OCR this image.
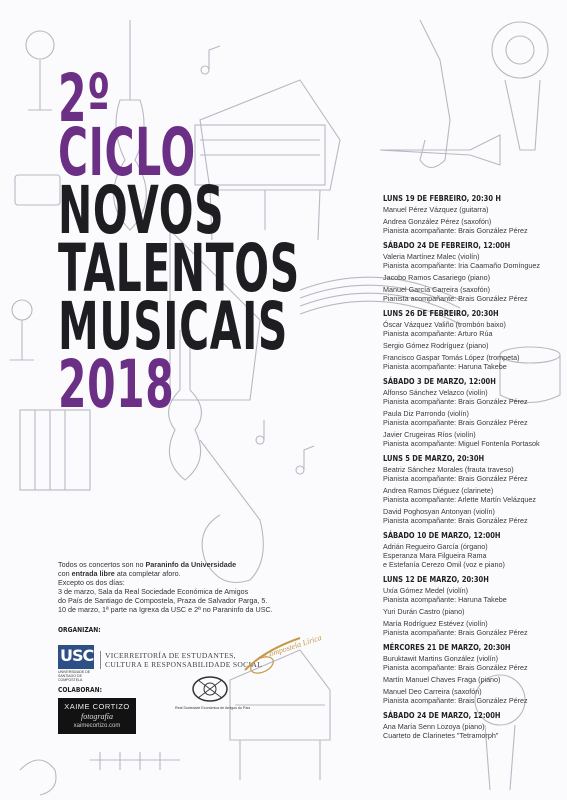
2º
CICLO
NOVOS
TALENTOS
MUSICAIS
2018
LUNS 19 DE FEBREIRO, 20:30 H
Manuel Pérez Vázquez (guitarra)
Andrea González Pérez (saxofón)
Pianista acompañante: Brais González Pérez
SÁBADO 24 DE FEBREIRO, 12:00H
Valeria Martínez Malec (violín)
Pianista acompañante: Iria Caamaño Domínguez
Jacobo Ramos Casariego (piano)
Manuel García Carreira (saxofón)
Pianista acompañante: Brais González Pérez
LUNS 26 DE FEBREIRO, 20:30H
Óscar Vázquez Valiño (trombón baixo)
Pianista acompañante: Arturo Rúa
Sergio Gómez Rodríguez (piano)
Francisco Gaspar Tomás López (trompeta)
Pianista acompañante: Haruna Takebe
SÁBADO 3 DE MARZO, 12:00H
Alfonso Sánchez Velazco (violín)
Pianista acompañante: Brais González Pérez
Paula Diz Parrondo (violín)
Pianista acompañante: Brais González Pérez
Javier Crugeiras Ríos (violín)
Pianista acompañante: Miguel Fontenla Portasok
LUNS 5 DE MARZO, 20:30H
Beatriz Sánchez Morales (frauta traveso)
Pianista acompañante: Brais González Pérez
Andrea Ramos Diéguez (clarinete)
Pianista acompañante: Arlette Martín Velázquez
David Poghosyan Antonyan (violín)
Pianista acompañante: Brais González Pérez
SÁBADO 10 DE MARZO, 12:00H
Adrián Regueiro García (órgano)
Esperanza Mara Filgueira Rama
e Estefanía Cerezo Omil (voz e piano)
LUNS 12 DE MARZO, 20:30H
Uxía Gómez Medel (violín)
Pianista acompañante: Haruna Takebe
Yuri Durán Castro (piano)
María Rodríguez Estévez (violín)
Pianista acompañante: Brais González Pérez
MÉRCORES 21 DE MARZO, 20:30H
Buruktawit Martins González (violín)
Pianista acompañante: Brais González Pérez
Martín Manuel Chaves Fraga (piano)
Manuel Deo Carreira (saxofón)
Pianista acompañante: Brais González Pérez
SÁBADO 24 DE MARZO, 12:00H
Ana María Senn Lozoya (piano)
Cuarteto de Clarinetes "Tetramorph"
Todos os concertos son no Paraninfo da Universidade
con entrada libre ata completar aforo.
Excepto os dos días:
3 de marzo, Sala da Real Sociedade Económica de Amigos
do País de Santiago de Compostela, Praza de Salvador Parga, 5.
10 de marzo, 1ª parte na Igrexa da USC e 2ª no Paraninfo da USC.
ORGANIZAN:
USC
UNIVERSIDADE DE SANTIAGO DE COMPOSTELA
VICERREITORÍA DE ESTUDANTES,
CULTURA E RESPONSABILIDADE SOCIAL
Compostela Lírica
COLABORAN:
XAIME CORTIZO
fotografía
xaimecortizo.com
Real Sociedade Económica de Amigos do País
